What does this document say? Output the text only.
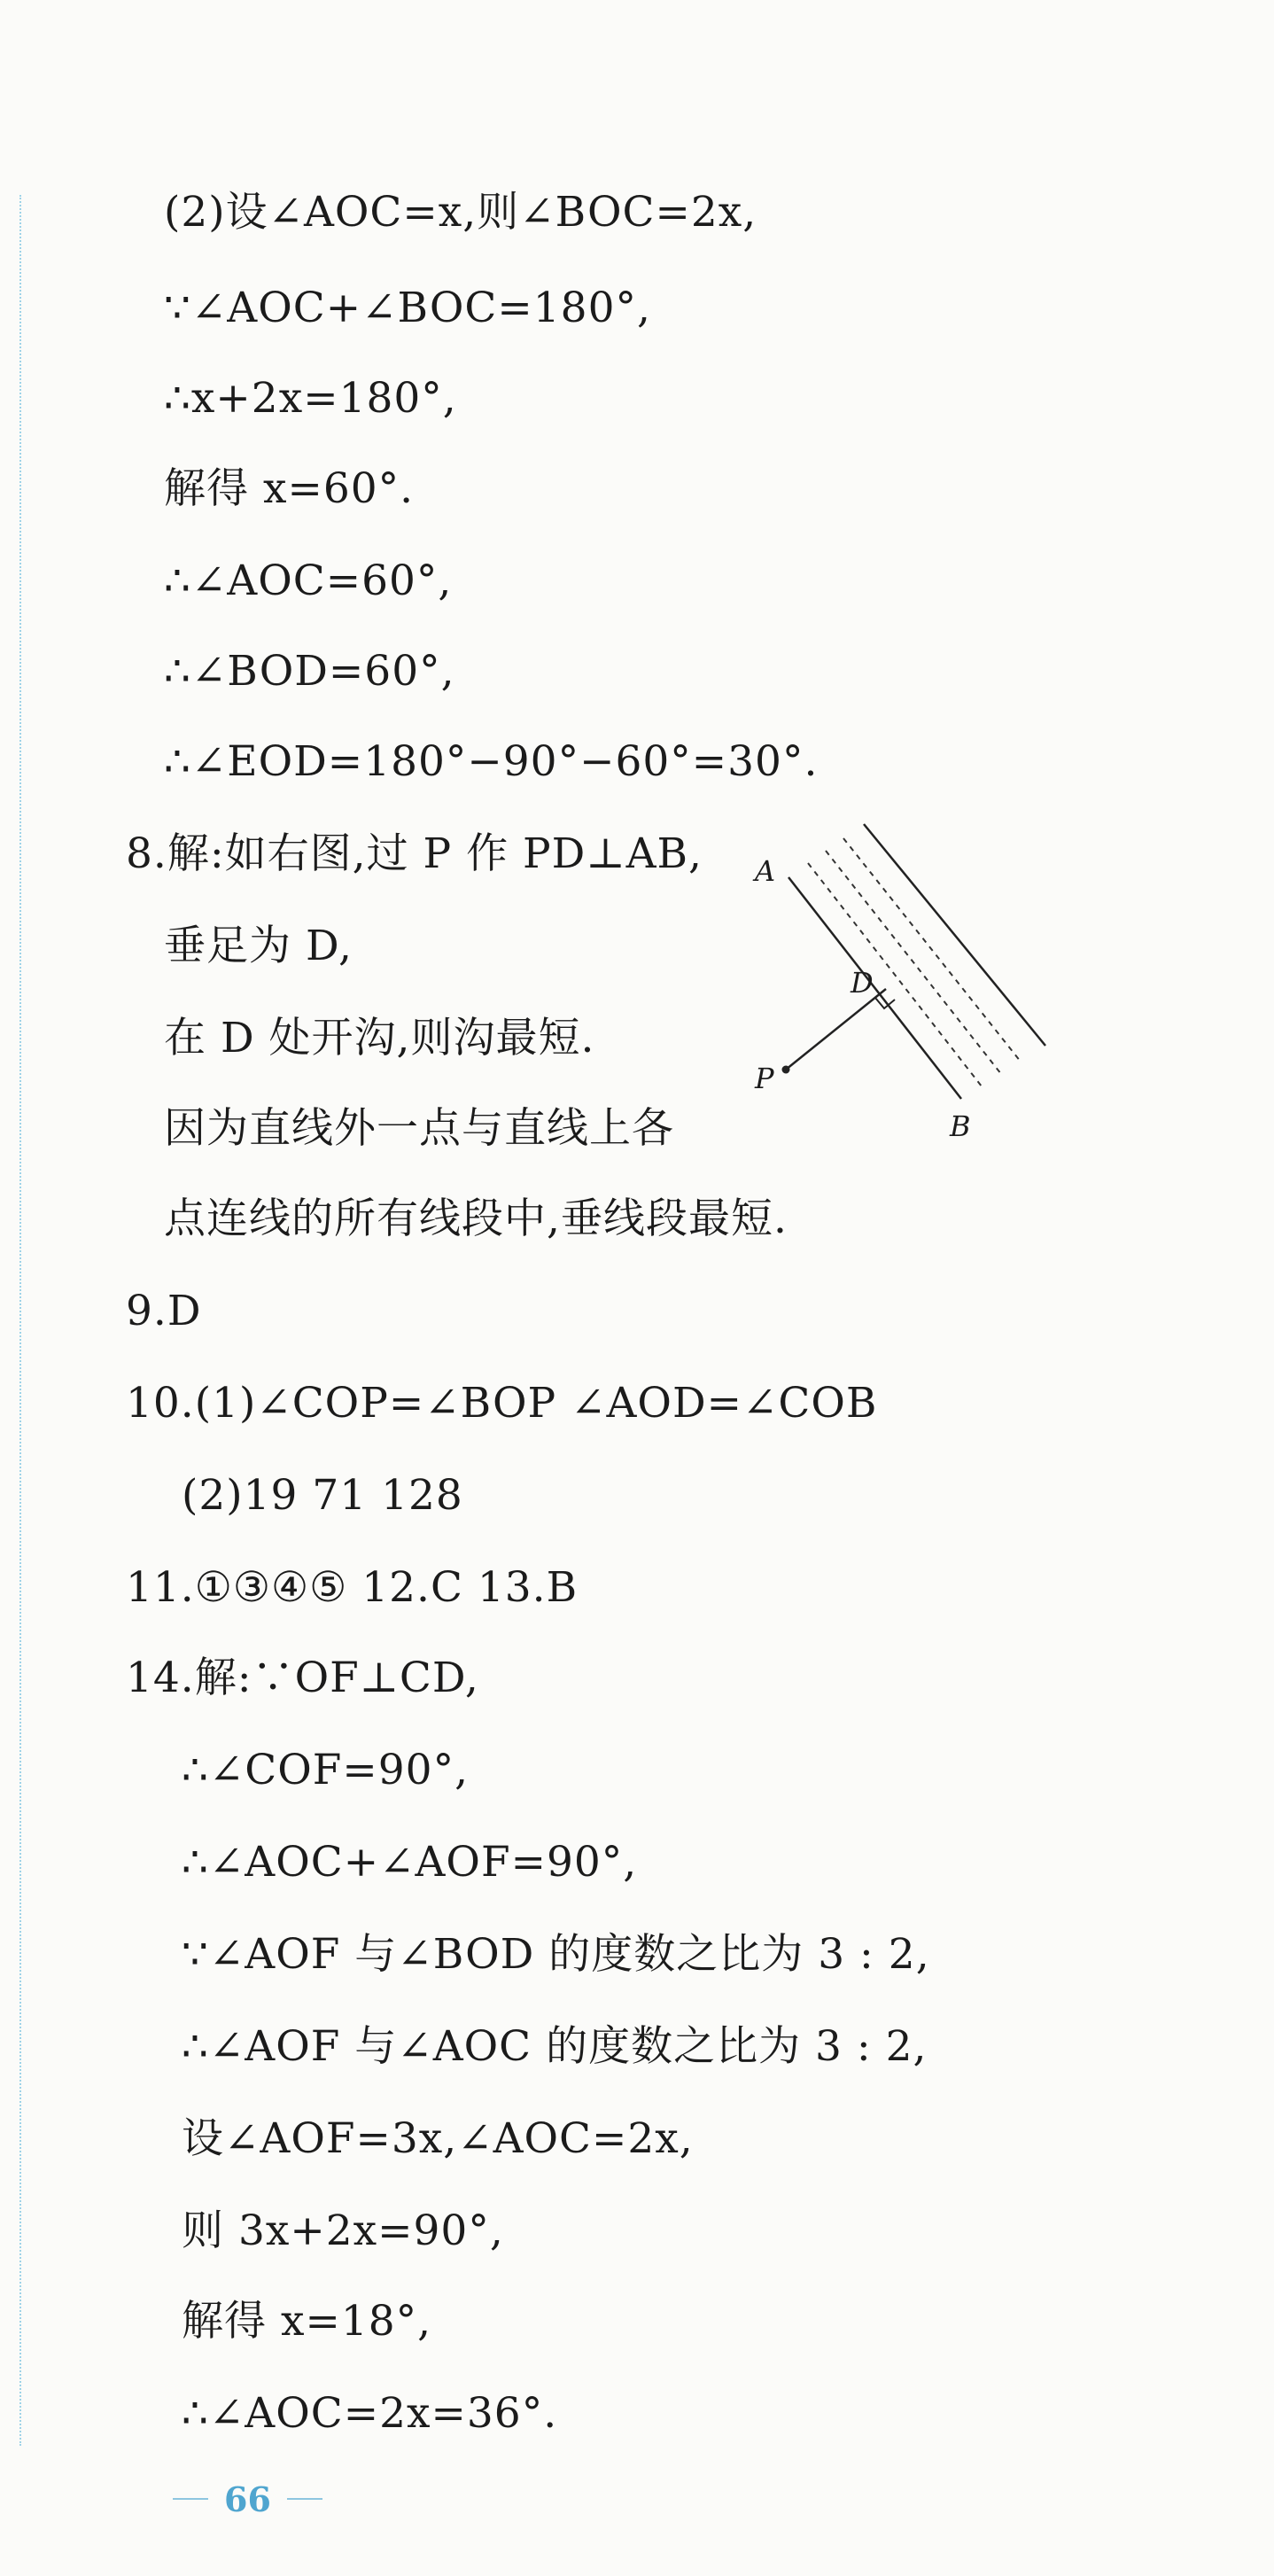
(2)设∠AOC=x,则∠BOC=2x,
∵∠AOC+∠BOC=180°,
∴x+2x=180°,
解得 x=60°.
∴∠AOC=60°,
∴∠BOD=60°,
∴∠EOD=180°−90°−60°=30°.
8.解:如右图,过 P 作 PD⊥AB,
垂足为 D,
在 D 处开沟,则沟最短.
因为直线外一点与直线上各
点连线的所有线段中,垂线段最短.
9.D
10.(1)∠COP=∠BOP ∠AOD=∠COB
(2)19 71 128
11.①③④⑤ 12.C 13.B
14.解:∵OF⊥CD,
∴∠COF=90°,
∴∠AOC+∠AOF=90°,
∵∠AOF 与∠BOD 的度数之比为 3 : 2,
∴∠AOF 与∠AOC 的度数之比为 3 : 2,
设∠AOF=3x,∠AOC=2x,
则 3x+2x=90°,
解得 x=18°,
∴∠AOC=2x=36°.
A
B
D
P
66
